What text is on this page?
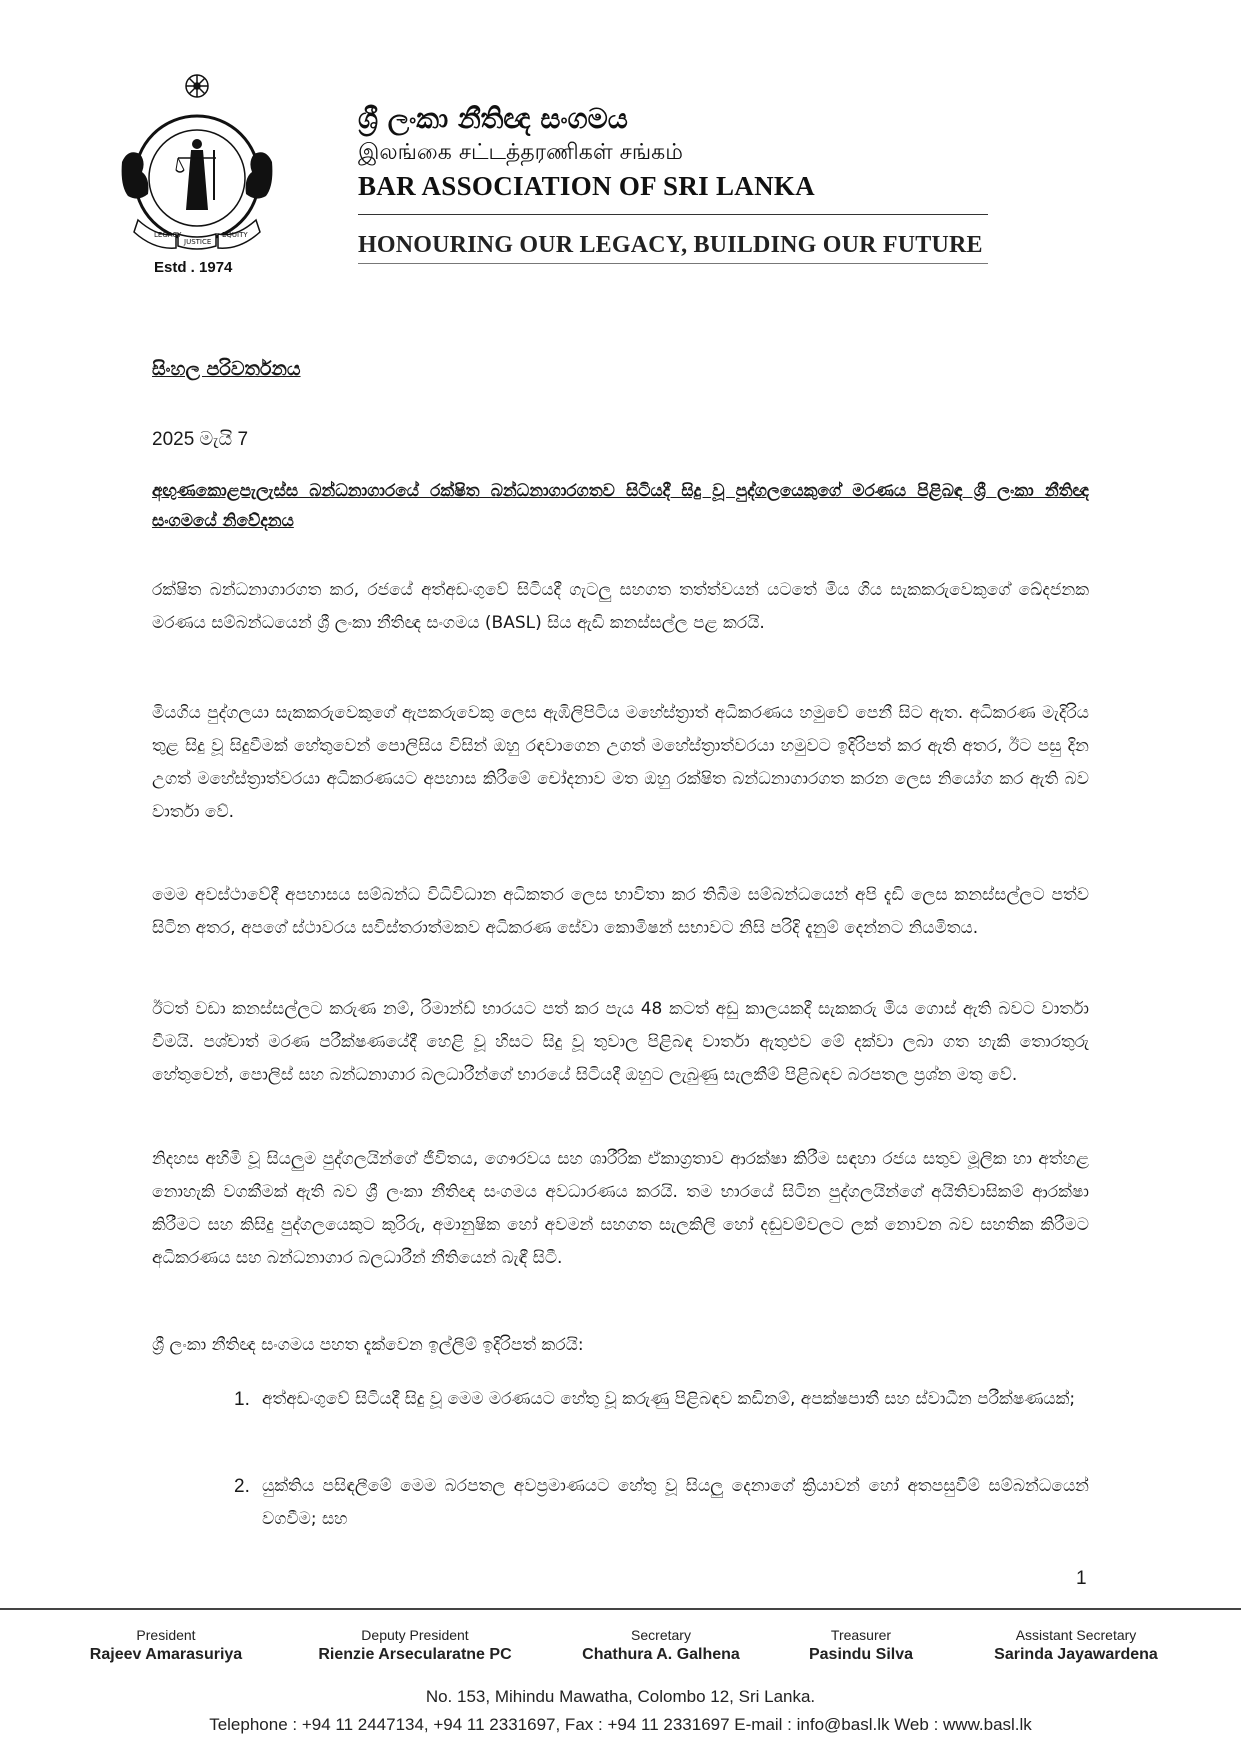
LEGACY
JUSTICE
EQUITY
Estd . 1974
ශ්‍රී ලංකා නීතිඥ සංගමය
இலங்கை சட்டத்தரணிகள் சங்கம்
BAR ASSOCIATION OF SRI LANKA
HONOURING OUR LEGACY, BUILDING OUR FUTURE
සිංහල පරිවර්තනය
2025 මැයි 7
අඟුණකොළපැලැස්ස බන්ධනාගාරයේ රක්ෂිත බන්ධනාගාරගතව සිටියදී සිදු වූ පුද්ගලයෙකුගේ මරණය පිළිබඳ ශ්‍රී ලංකා නීතිඥ සංගමයේ නිවේදනය

රක්ෂිත බන්ධනාගාරගත කර, රජයේ අත්අඩංගුවේ සිටියදී ගැටලු සහගත තත්ත්වයන් යටතේ මිය ගිය සැකකරුවෙකුගේ ඛේදජනක මරණය සම්බන්ධයෙන් ශ්‍රී ලංකා නීතිඥ සංගමය (BASL) සිය ඇඩි කනස්සල්ල පළ කරයි.

මියගිය පුද්ගලයා සැකකරුවෙකුගේ ඇපකරුවෙකු ලෙස ඇඹිලිපිටිය මහේස්ත්‍රාත් අධිකරණය හමුවේ පෙනී සිට ඇත. අධිකරණ මැදිරිය තුළ සිදු වූ සිදුවීමක් හේතුවෙන් පොලිසිය විසින් ඔහු රඳවාගෙන උගත් මහේස්ත්‍රාත්වරයා හමුවට ඉදිරිපත් කර ඇති අතර, ඊට පසු දින උගත් මහේස්ත්‍රාත්වරයා අධිකරණයට අපහාස කිරීමේ චෝදනාව මත ඔහු රක්ෂිත බන්ධනාගාරගත කරන ලෙස නියෝග කර ඇති බව වාර්තා වේ.

මෙම අවස්ථාවේදී අපහාසය සම්බන්ධ විධිවිධාන අධිකතර ලෙස භාවිතා කර තිබීම සම්බන්ධයෙන් අපි දැඩි ලෙස කනස්සල්ලට පත්ව සිටින අතර, අපගේ ස්ථාවරය සවිස්තරාත්මකව අධිකරණ සේවා කොමිෂන් සභාවට නිසි පරිදි දැනුම් දෙන්නට නියමිතය.

ඊටත් වඩා කනස්සල්ලට කරුණ නම්, රිමාන්ඩ් භාරයට පත් කර පැය 48 කටත් අඩු කාලයකදී සැකකරු මිය ගොස් ඇති බවට වාර්තා වීමයි. පශ්චාත් මරණ පරීක්ෂණයේදී හෙළි වූ හිසට සිදු වූ තුවාල පිළිබඳ වාර්තා ඇතුළුව මේ දක්වා ලබා ගත හැකි තොරතුරු හේතුවෙන්, පොලිස් සහ බන්ධනාගාර බලධාරීන්ගේ භාරයේ සිටියදී ඔහුට ලැබුණු සැලකීම් පිළිබඳව බරපතල ප්‍රශ්න මතු වේ.

නිදහස අහිමි වූ සියලුම පුද්ගලයින්ගේ ජීවිතය, ගෞරවය සහ ශාරීරික ඒකාග්‍රතාව ආරක්ෂා කිරීම සඳහා රජය සතුව මූලික හා අත්හළ නොහැකි වගකීමක් ඇති බව ශ්‍රී ලංකා නීතිඥ සංගමය අවධාරණය කරයි. තම භාරයේ සිටින පුද්ගලයින්ගේ අයිතිවාසිකම් ආරක්ෂා කිරීමට සහ කිසිදු පුද්ගලයෙකුට කුරිරු, අමානුෂික හෝ අවමන් සහගත සැලකිලි හෝ දඬුවම්වලට ලක් නොවන බව සහතික කිරීමට අධිකරණය සහ බන්ධනාගාර බලධාරීන් නීතියෙන් බැඳී සිටී.

ශ්‍රී ලංකා නීතිඥ සංගමය පහත දැක්වෙන ඉල්ලීම් ඉදිරිපත් කරයි:

1. අත්අඩංගුවේ සිටියදී සිදු වූ මෙම මරණයට හේතු වූ කරුණු පිළිබඳව කඩිනම්, අපක්ෂපාතී සහ ස්වාධීන පරීක්ෂණයක්;
2. යුක්තිය පසිඳලීමේ මෙම බරපතල අවප්‍රමාණයට හේතු වූ සියලු දෙනාගේ ක්‍රියාවන් හෝ අතපසුවීම් සම්බන්ධයෙන් වගවීම; සහ
1
President
Rajeev Amarasuriya
Deputy President
Rienzie Arsecularatne PC
Secretary
Chathura A. Galhena
Treasurer
Pasindu Silva
Assistant Secretary
Sarinda Jayawardena
No. 153, Mihindu Mawatha, Colombo 12, Sri Lanka.
Telephone : +94 11 2447134, +94 11 2331697, Fax : +94 11 2331697 E-mail : info@basl.lk Web : www.basl.lk
